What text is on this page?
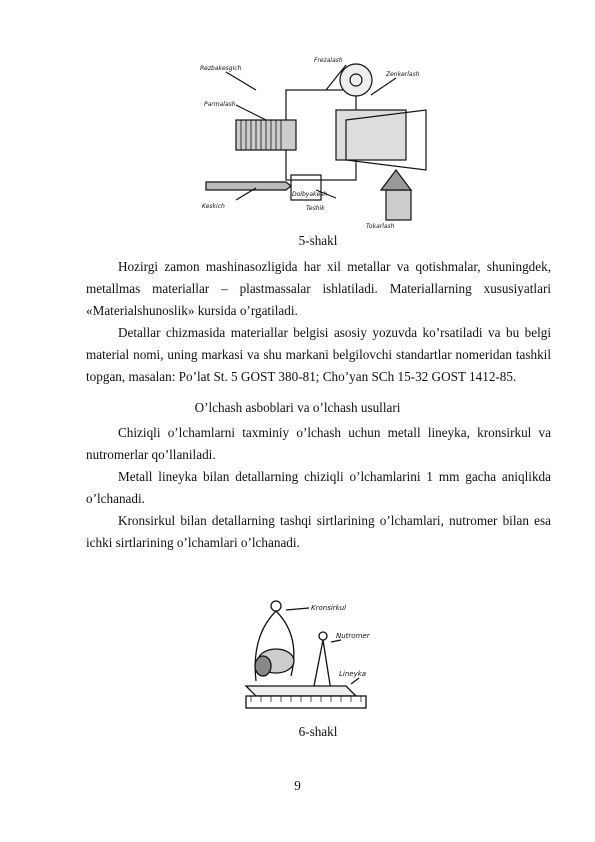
Rezbakesgich
Parmalash
Frezalash
Zenkerlash
Keskich	Teshik
Dolbyakesh
Tokarlash
5-shakl
Hozirgi zamon mashinasozligida har xil metallar va qotishmalar, shuningdek, metallmas materiallar – plastmassalar ishlatiladi. Materiallarning xususiyatlari «Materialshunoslik» kursida o’rgatiladi.
Detallar chizmasida materiallar belgisi asosiy yozuvda ko’rsatiladi va bu belgi material nomi, uning markasi va shu markani belgilovchi standartlar nomeridan tashkil topgan, masalan: Po’lat St. 5 GOST 380-81; Cho’yan SCh 15-32 GOST 1412-85.
O’lchash asboblari va o’lchash usullari
Chiziqli o’lchamlarni taxminiy o’lchash uchun metall lineyka, kronsirkul va nutromerlar qo’llaniladi.
Metall lineyka bilan detallarning chiziqli o’lchamlarini 1 mm gacha aniqlikda o’lchanadi.
Kronsirkul bilan detallarning tashqi sirtlarining o’lchamlari, nutromer bilan esa ichki sirtlarining o’lchamlari o’lchanadi.
Kronsirkul
Nutromer
Lineyka
6-shakl
9
